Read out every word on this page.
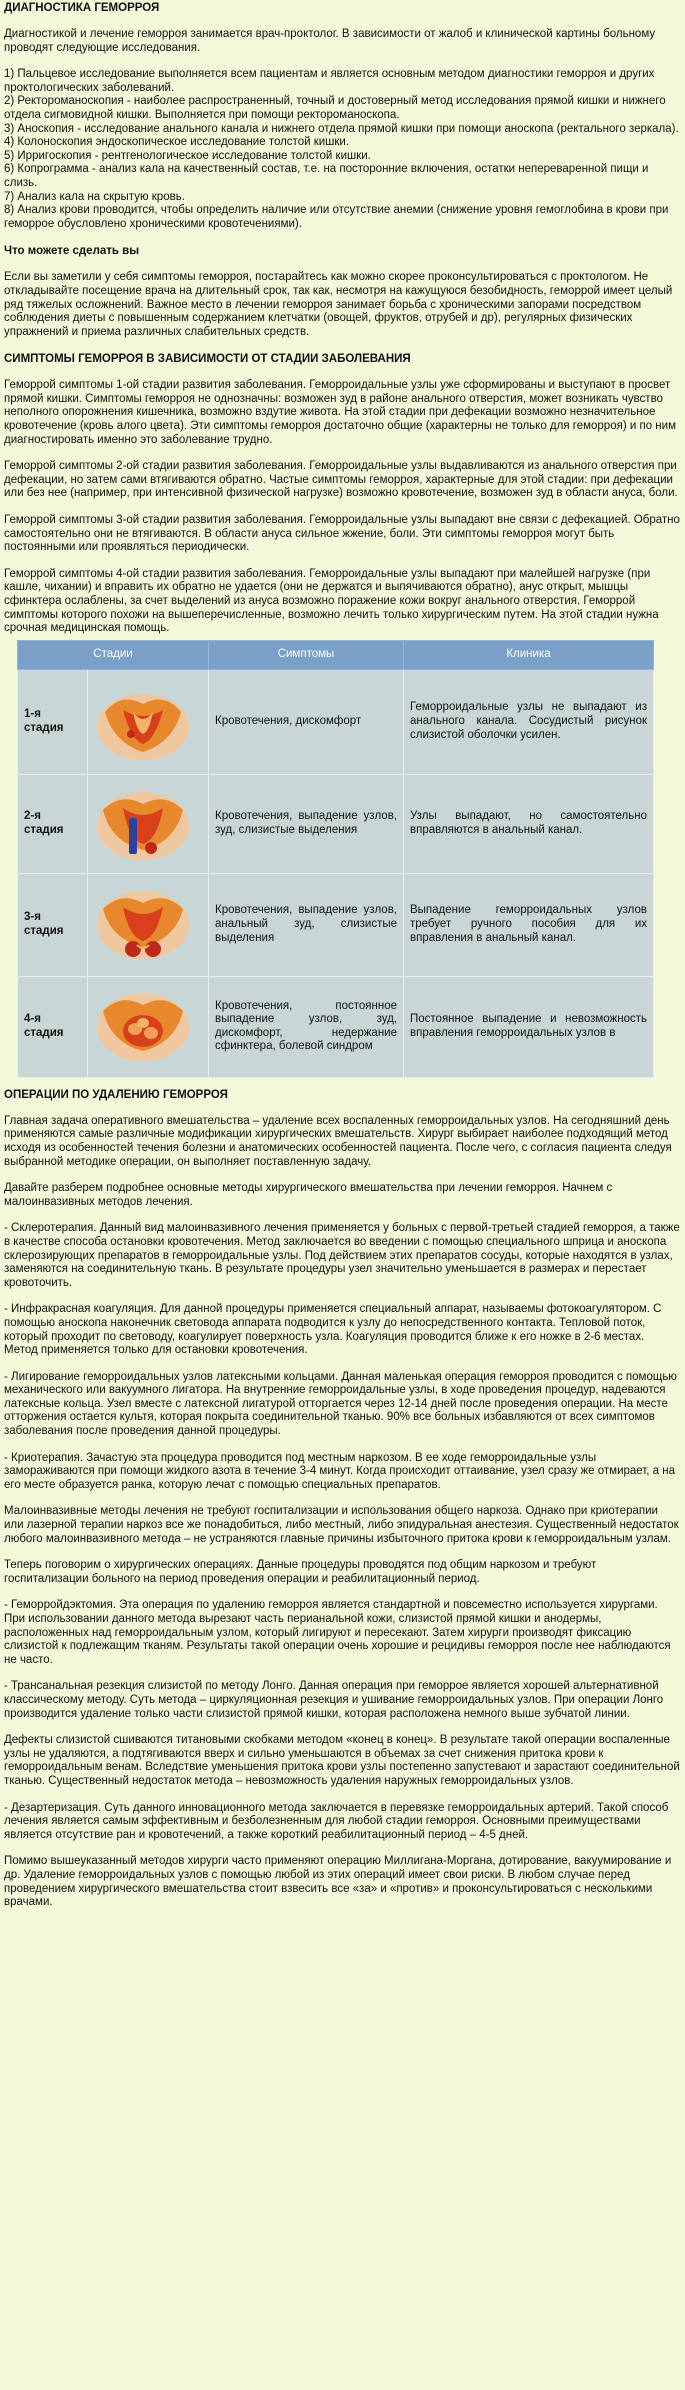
ДИАГНОСТИКА ГЕМОРРОЯ

Диагностикой и лечение геморроя занимается врач-проктолог. В зависимости от жалоб и клинической картины больному проводят следующие исследования.

1) Пальцевое исследование выполняется всем пациентам и является основным методом диагностики геморроя и других проктологических заболеваний.
2) Ректороманоскопия - наиболее распространенный, точный и достоверный метод исследования прямой кишки и нижнего отдела сигмовидной кишки. Выполняется при помощи ректороманоскопа.
3) Аноскопия - исследование анального канала и нижнего отдела прямой кишки при помощи аноскопа (ректального зеркала).
4) Колоноскопия эндоскопическое исследование толстой кишки.
5) Ирригоскопия - рентгенологическое исследование толстой кишки.
6) Копрограмма - анализ кала на качественный состав, т.е. на посторонние включения, остатки непереваренной пищи и слизь.
7) Анализ кала на скрытую кровь.
8) Анализ крови проводится, чтобы определить наличие или отсутствие анемии (снижение уровня гемоглобина в крови при геморрое обусловлено хроническими кровотечениями).
Что можете сделать вы

Если вы заметили у себя симптомы геморроя, постарайтесь как можно скорее проконсультироваться с проктологом. Не откладывайте посещение врача на длительный срок, так как, несмотря на кажущуюся безобидность, геморрой имеет целый ряд тяжелых осложнений. Важное место в лечении геморроя занимает борьба с хроническими запорами посредством соблюдения диеты с повышенным содержанием клетчатки (овощей, фруктов, отрубей и др), регулярных физических упражнений и приема различных слабительных средств.

СИМПТОМЫ ГЕМОРРОЯ В ЗАВИСИМОСТИ ОТ СТАДИИ ЗАБОЛЕВАНИЯ

Геморрой симптомы 1-ой стадии развития заболевания. Геморроидальные узлы уже сформированы и выступают в просвет прямой кишки. Симптомы геморроя не однозначны: возможен зуд в районе анального отверстия, может возникать чувство неполного опорожнения кишечника, возможно вздутие живота. На этой стадии при дефекации возможно незначительное кровотечение (кровь алого цвета). Эти симптомы геморроя достаточно общие (характерны не только для геморроя) и по ним диагностировать именно это заболевание трудно.

Геморрой симптомы 2-ой стадии развития заболевания. Геморроидальные узлы выдавливаются из анального отверстия при дефекации, но затем сами втягиваются обратно. Частые симптомы геморроя, характерные для этой стадии: при дефекации или без нее (например, при интенсивной физической нагрузке) возможно кровотечение, возможен зуд в области ануса, боли.

Геморрой симптомы 3-ой стадии развития заболевания. Геморроидальные узлы выпадают вне связи с дефекацией. Обратно самостоятельно они не втягиваются. В области ануса сильное жжение, боли. Эти симптомы геморроя могут быть постоянными или проявляться периодически.

Геморрой симптомы 4-ой стадии развития заболевания. Геморроидальные узлы выпадают при малейшей нагрузке (при кашле, чихании) и вправить их обратно не удается (они не держатся и выпячиваются обратно), анус открыт, мышцы сфинктера ослаблены, за счет выделений из ануса возможно поражение кожи вокруг анального отверстия. Геморрой симптомы которого похожи на вышеперечисленные, возможно лечить только хирургическим путем. На этой стадии нужна срочная медицинская помощь.

Стадии		Симптомы	Клиника
1-я стадия		Кровотечения, дискомфорт	Геморроидальные узлы не выпадают из анального канала. Сосудистый рисунок слизистой оболочки усилен.
2-я стадия		Кровотечения, выпадение узлов, зуд, слизистые выделения	Узлы выпадают, но самостоятельно вправляются в анальный канал.
3-я стадия		Кровотечения, выпадение узлов, анальный зуд, слизистые выделения	Выпадение геморроидальных узлов требует ручного пособия для их вправления в анальный канал.
4-я стадия		Кровотечения, постоянное выпадение узлов, зуд, дискомфорт, недержание сфинктера, болевой синдром	Постоянное выпадение и невозможность вправления геморроидальных узлов в
ОПЕРАЦИИ ПО УДАЛЕНИЮ ГЕМОРРОЯ

Главная задача оперативного вмешательства – удаление всех воспаленных геморроидальных узлов. На сегодняшний день применяются самые различные модификации хирургических вмешательств. Хирург выбирает наиболее подходящий метод исходя из особенностей течения болезни и анатомических особенностей пациента. После чего, с согласия пациента следуя выбранной методике операции, он выполняет поставленную задачу.

Давайте разберем подробнее основные методы хирургического вмешательства при лечении геморроя. Начнем с малоинвазивных методов лечения.

- Склеротерапия. Данный вид малоинвазивного лечения применяется у больных с первой-третьей стадией геморроя, а также в качестве способа остановки кровотечения. Метод заключается во введении с помощью специального шприца и аноскопа склерозирующих препаратов в геморроидальные узлы. Под действием этих препаратов сосуды, которые находятся в узлах, заменяются на соединительную ткань. В результате процедуры узел значительно уменьшается в размерах и перестает кровоточить.

- Инфракрасная коагуляция. Для данной процедуры применяется специальный аппарат, называемы фотокоагулятором. С помощью аноскопа наконечник световода аппарата подводится к узлу до непосредственного контакта. Тепловой поток, который проходит по световоду, коагулирует поверхность узла. Коагуляция проводится ближе к его ножке в 2-6 местах. Метод применяется только для остановки кровотечения.

- Лигирование геморроидальных узлов латексными кольцами. Данная маленькая операция геморроя проводится с помощью механического или вакуумного лигатора. На внутренние геморроидальные узлы, в ходе проведения процедур, надеваются латексные кольца. Узел вместе с латексной лигатурой отторгается через 12-14 дней после проведения операции. На месте отторжения остается культя, которая покрыта соединительной тканью. 90% все больных избавляются от всех симптомов заболевания после проведения данной процедуры.

- Криотерапия. Зачастую эта процедура проводится под местным наркозом. В ее ходе геморроидальные узлы замораживаются при помощи жидкого азота в течение 3-4 минут. Когда происходит оттаивание, узел сразу же отмирает, а на его месте образуется ранка, которую лечат с помощью специальных препаратов.

Малоинвазивные методы лечения не требуют госпитализации и использования общего наркоза. Однако при криотерапии или лазерной терапии наркоз все же понадобиться, либо местный, либо эпидуральная анестезия. Существенный недостаток любого малоинвазивного метода – не устраняются главные причины избыточного притока крови к геморроидальным узлам.

Теперь поговорим о хирургических операциях. Данные процедуры проводятся под общим наркозом и требуют госпитализации больного на период проведения операции и реабилитационный период.

- Геморройдэктомия. Эта операция по удалению геморроя является стандартной и повсеместно используется хирургами. При использовании данного метода вырезают часть перианальной кожи, слизистой прямой кишки и анодермы, расположенных над геморроидальным узлом, который лигируют и пересекают. Затем хирурги производят фиксацию слизистой к подлежащим тканям. Результаты такой операции очень хорошие и рецидивы геморроя после нее наблюдаются не часто.

- Трансанальная резекция слизистой по методу Лонго. Данная операция при геморрое является хорошей альтернативной классическому методу. Суть метода – циркуляционная резекция и ушивание геморроидальных узлов. При операции Лонго производится удаление только части слизистой прямой кишки, которая расположена немного выше зубчатой линии.

Дефекты слизистой сшиваются титановыми скобками методом «конец в конец». В результате такой операции воспаленные узлы не удаляются, а подтягиваются вверх и сильно уменьшаются в объемах за счет снижения притока крови к геморроидальным венам. Вследствие уменьшения притока крови узлы постепенно запустевают и зарастают соединительной тканью. Существенный недостаток метода – невозможность удаления наружных геморроидальных узлов.

- Дезартеризация. Суть данного инновационного метода заключается в перевязке геморроидальных артерий. Такой способ лечения является самым эффективным и безболезненным для любой стадии геморроя. Основными преимуществами является отсутствие ран и кровотечений, а также короткий реабилитационный период – 4-5 дней.

Помимо вышеуказанный методов хирурги часто применяют операцию Миллигана-Моргана, дотирование, вакуумирование и др. Удаление геморроидальных узлов с помощью любой из этих операций имеет свои риски. В любом случае перед проведением хирургического вмешательства стоит взвесить все «за» и «против» и проконсультироваться с несколькими врачами.
